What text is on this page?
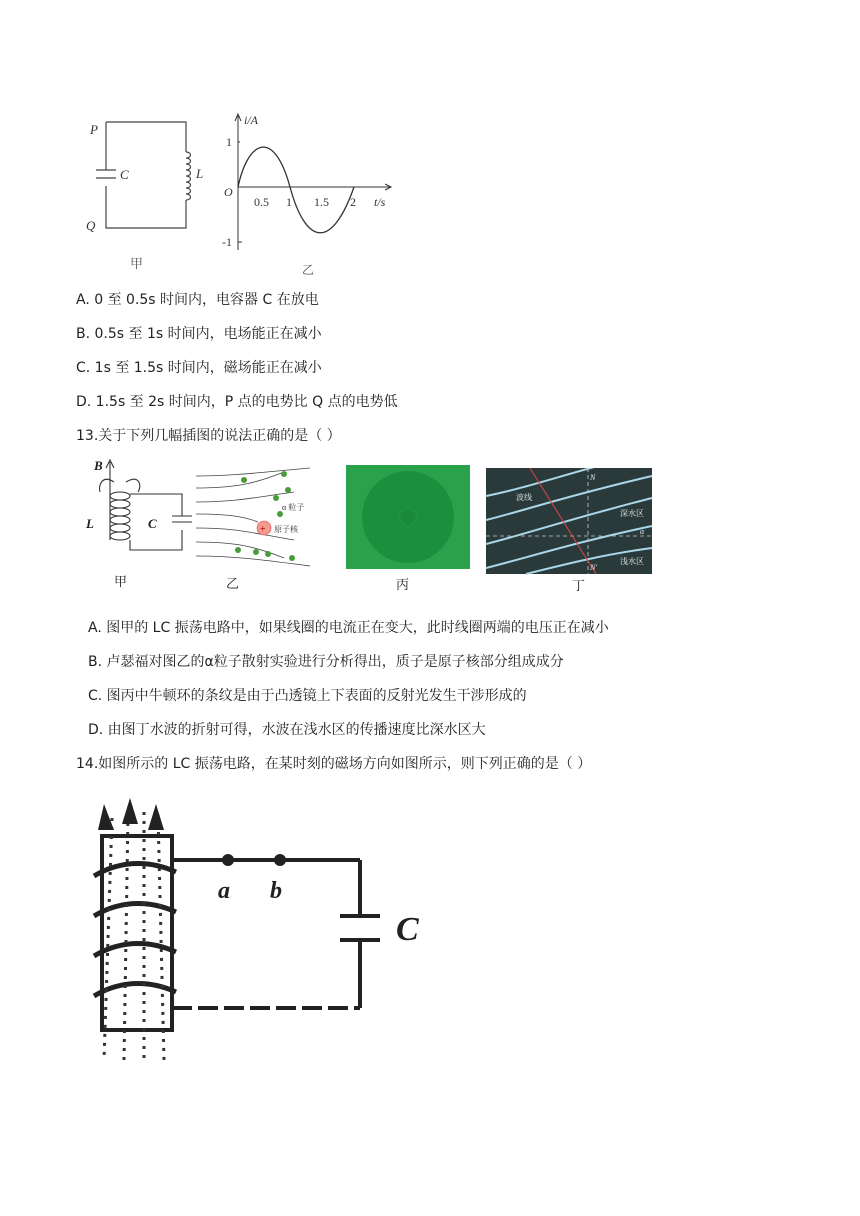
P
C	L
Q
甲
i/A
1
-1
O
0.5 1 1.5 2 t/s
乙
A. 0 至 0.5s 时间内，电容器 C 在放电
B. 0.5s 至 1s 时间内，电场能正在减小
C. 1s 至 1.5s 时间内，磁场能正在减小
D. 1.5s 至 2s 时间内，P 点的电势比 Q 点的电势低
13.关于下列几幅插图的说法正确的是（ ）
B
L	C
甲
+
α 粒子
原子核
乙	丙
波线
深水区
浅水区
N
N'
α
丁
A. 图甲的 LC 振荡电路中，如果线圈的电流正在变大，此时线圈两端的电压正在减小
B. 卢瑟福对图乙的α粒子散射实验进行分析得出，质子是原子核部分组成成分
C. 图丙中牛顿环的条纹是由于凸透镜上下表面的反射光发生干涉形成的
D. 由图丁水波的折射可得，水波在浅水区的传播速度比深水区大
14.如图所示的 LC 振荡电路，在某时刻的磁场方向如图所示，则下列正确的是（ ）
a b
C
